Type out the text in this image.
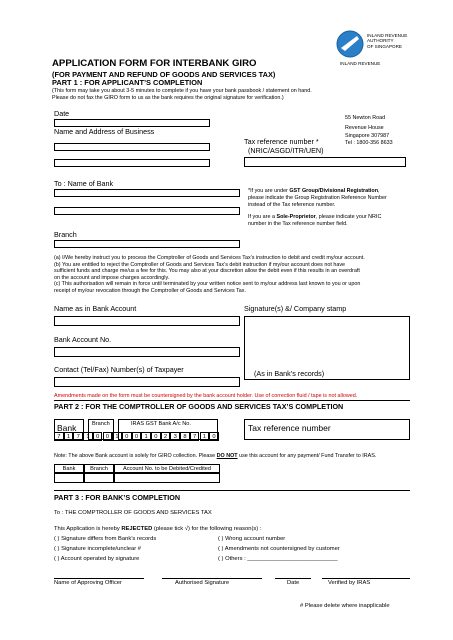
INLAND REVENUE
INLAND REVENUE
AUTHORITY
OF SINGAPORE
APPLICATION FORM FOR INTERBANK GIRO
(FOR PAYMENT AND REFUND OF GOODS AND SERVICES TAX)
PART 1 : FOR APPLICANT’S COMPLETION
(This form may take you about 3-5 minutes to complete if you have your bank passbook / statement on hand.
Please do not fax the GIRO form to us as the bank requires the original signature for verification.)
55 Newton Road
Revenue House
Singapore 307987
Tel : 1800-356 8633
Date
Name and Address of Business
Tax reference number *
(NRIC/ASGD/ITR/UEN)
To : Name of Bank
*If you are under GST Group/Divisional Registration,
please indicate the Group Registration Reference Number
instead of the Tax reference number.
If you are a Sole-Proprietor, please indicate your NRIC
number in the Tax reference number field.
Branch
(a) I/We hereby instruct you to process the Comptroller of Goods and Services Tax’s instruction to debit and credit my/our account.
(b) You are entitled to reject the Comptroller of Goods and Services Tax’s debit instruction if my/our account does not have
sufficient funds and charge me/us a fee for this. You may also at your discretion allow the debit even if this results in an overdraft
on the account and impose charges accordingly.
(c) This authorisation will remain in force until terminated by your written notice sent to my/our address last known to you or upon
receipt of my/our revocation through the Comptroller of Goods and Services Tax.
Name as in Bank Account	Signature(s) &/ Company stamp
Bank Account No.
Contact (Tel/Fax) Number(s) of Taxpayer	(As in Bank’s records)
Amendments made on the form must be countersigned by the bank account holder. Use of correction fluid / tape is not allowed.
PART 2 : FOR THE COMPTROLLER OF GOODS AND SERVICES TAX’S COMPLETION
Bank	Branch	IRAS GST Bank A/c No.	Tax reference number
7	1	7	1	0	0	1	0	0	1	0	2	3	8	7	1	0
Note: The above Bank account is solely for GIRO collection. Please DO NOT use this account for any payment/ Fund Transfer to IRAS.
Bank	Branch	Account No. to be Debited/Credited
PART 3 : FOR BANK’S COMPLETION
To : THE COMPTROLLER OF GOODS AND SERVICES TAX
This Application is hereby REJECTED (please tick √) for the following reason(s) :
( ) Signature differs from Bank’s records
( ) Signature incomplete/unclear #
( ) Account operated by signature
( ) Wrong account number
( ) Amendments not countersigned by customer
( ) Others : ____________________________
Name of Approving Officer	Authorised Signature	Date	Verified by IRAS
# Please delete where inapplicable
